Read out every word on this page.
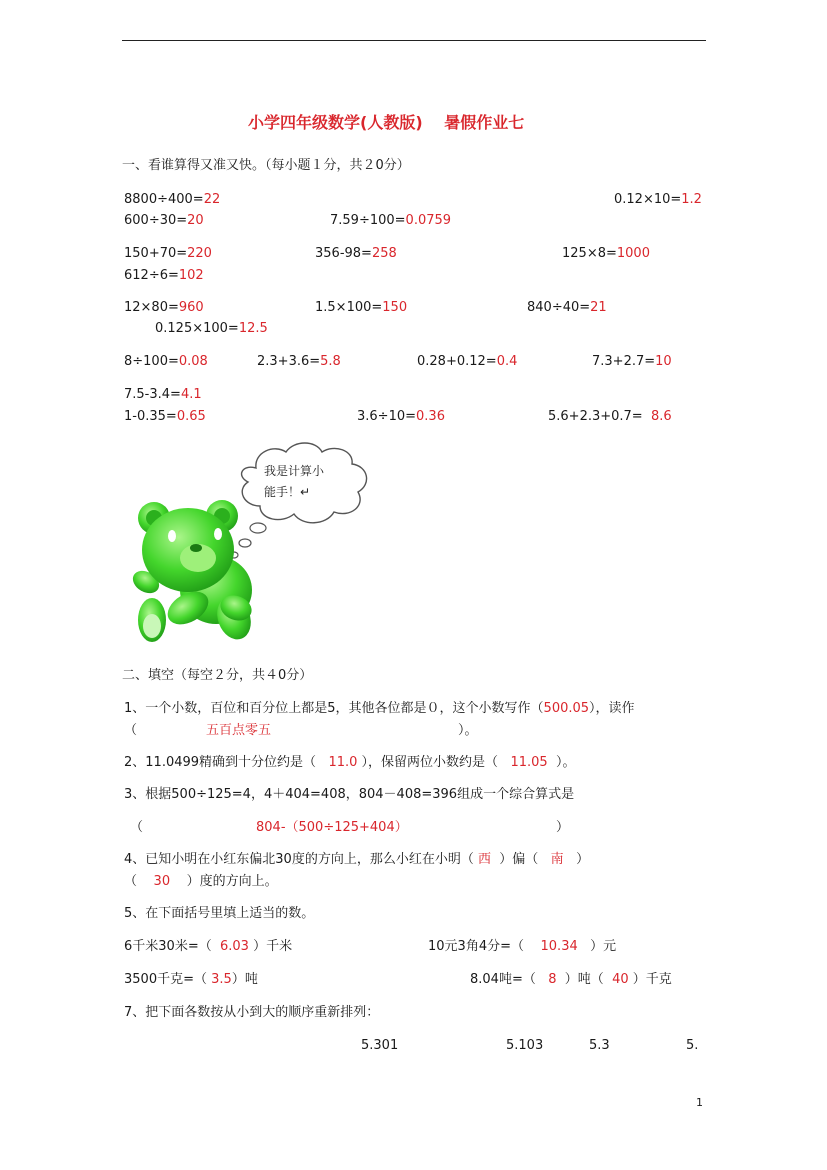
小学四年级数学(人教版)　 暑假作业七
一、看谁算得又准又快。（每小题１分，共２0分）
8800÷400=22	0.12×10=1.2
600÷30=20	7.59÷100=0.0759
150+70=220	356-98=258	125×8=1000
612÷6=102
12×80=960	1.5×100=150	840÷40=21
0.125×100=12.5
8÷100=0.08	2.3+3.6=5.8	0.28+0.12=0.4	7.3+2.7=10
7.5-3.4=4.1
1-0.35=0.65	3.6÷10=0.36	5.6+2.3+0.7= 8.6
我是计算小
能手！↵
二、填空（每空２分，共４0分）
1、一个小数，百位和百分位上都是5，其他各位都是０，这个小数写作（500.05），读作
（	五百点零五	）。
2、11.0499精确到十分位约是（ 11.0 ），保留两位小数约是（ 11.05 ）。
3、根据500÷125=4，4＋404=408，804－408=396组成一个综合算式是
（	804-（500÷125+404）	）
4、已知小明在小红东偏北30度的方向上，那么小红在小明（ 西 ）偏（ 南 ）
（ 30 ）度的方向上。
5、在下面括号里填上适当的数。
6千米30米=（ 6.03 ）千米	10元3角4分=（ 10.34 ）元
3500千克=（ 3.5）吨	8.04吨=（ 8 ）吨（ 40 ）千克
7、把下面各数按从小到大的顺序重新排列：
5.301	5.103	5.3	5.
1
